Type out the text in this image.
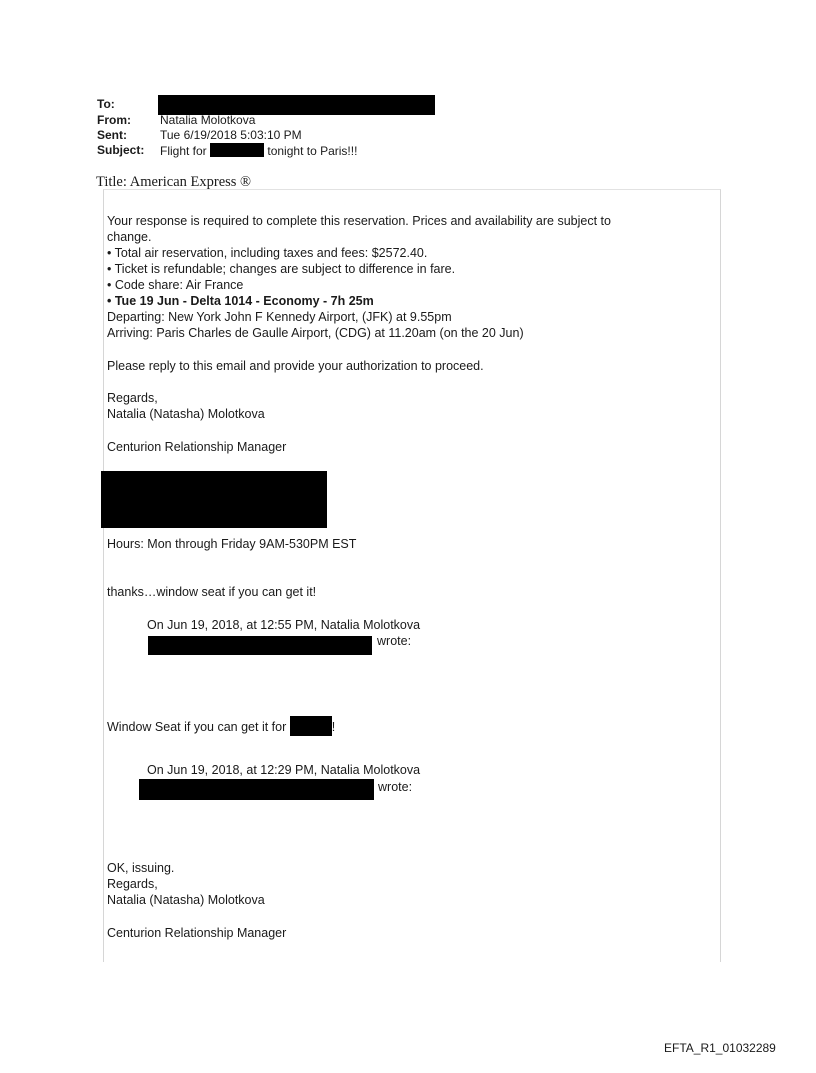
To:
From: Natalia Molotkova
Sent:	Tue 6/19/2018 5:03:10 PM
Subject: Flight for	tonight to Paris!!!
Title: American Express ®
Your response is required to complete this reservation. Prices and availability are subject to
change.
• Total air reservation, including taxes and fees: $2572.40.
• Ticket is refundable; changes are subject to difference in fare.
• Code share: Air France
• Tue 19 Jun - Delta 1014 - Economy - 7h 25m
Departing: New York John F Kennedy Airport, (JFK) at 9.55pm
Arriving: Paris Charles de Gaulle Airport, (CDG) at 11.20am (on the 20 Jun)
Please reply to this email and provide your authorization to proceed.
Regards,
Natalia (Natasha) Molotkova
Centurion Relationship Manager
Hours: Mon through Friday 9AM-530PM EST
thanks…window seat if you can get it!
On Jun 19, 2018, at 12:55 PM, Natalia Molotkova
wrote:
Window Seat if you can get it for	!
On Jun 19, 2018, at 12:29 PM, Natalia Molotkova
wrote:
OK, issuing.
Regards,
Natalia (Natasha) Molotkova
Centurion Relationship Manager
EFTA_R1_01032289
